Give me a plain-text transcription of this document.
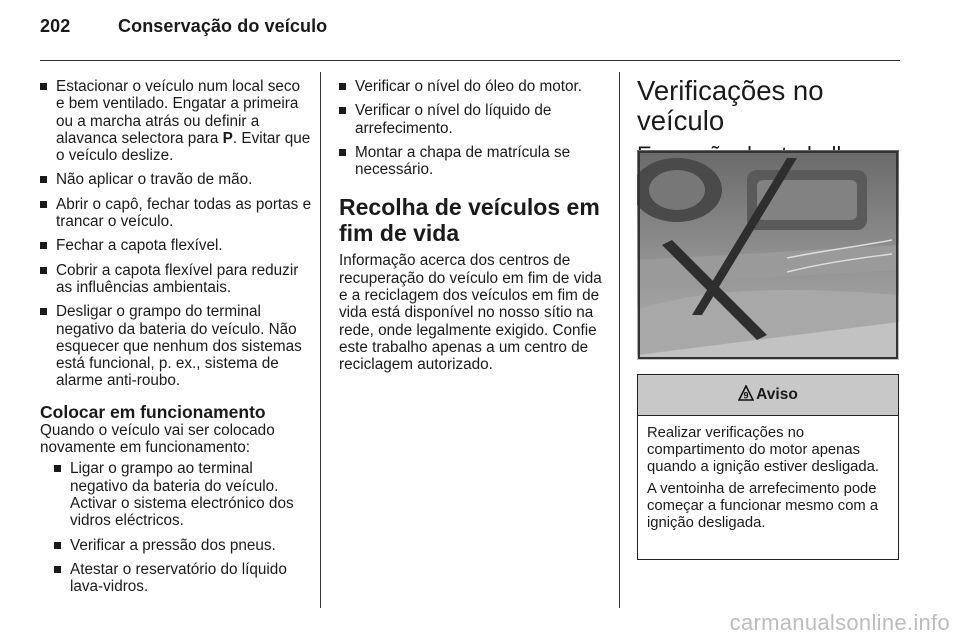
202	Conservação do veículo
Estacionar o veículo num local seco e bem ventilado. Engatar a primeira ou a marcha atrás ou definir a alavanca selectora para P. Evitar que o veículo deslize.
Não aplicar o travão de mão.
Abrir o capô, fechar todas as portas e trancar o veículo.
Fechar a capota flexível.
Cobrir a capota flexível para reduzir as influências ambientais.
Desligar o grampo do terminal negativo da bateria do veículo. Não esquecer que nenhum dos sistemas está funcional, p. ex., sistema de alarme anti-roubo.
Colocar em funcionamento

Quando o veículo vai ser colocado novamente em funcionamento:

Ligar o grampo ao terminal negativo da bateria do veículo. Activar o sistema electrónico dos vidros eléctricos.
Verificar a pressão dos pneus.
Atestar o reservatório do líquido lava-vidros.
Verificar o nível do óleo do motor.
Verificar o nível do líquido de arrefecimento.
Montar a chapa de matrícula se necessário.
Recolha de veículos em fim de vida

Informação acerca dos centros de recuperação do veículo em fim de vida e a reciclagem dos veículos em fim de vida está disponível no nosso sítio na rede, onde legalmente exigido. Confie este trabalho apenas a um centro de reciclagem autorizado.

Verificações no veículo
9 Aviso

Realizar verificações no compartimento do motor apenas quando a ignição estiver desligada.

A ventoinha de arrefecimento pode começar a funcionar mesmo com a ignição desligada.

carmanualsonline.info
